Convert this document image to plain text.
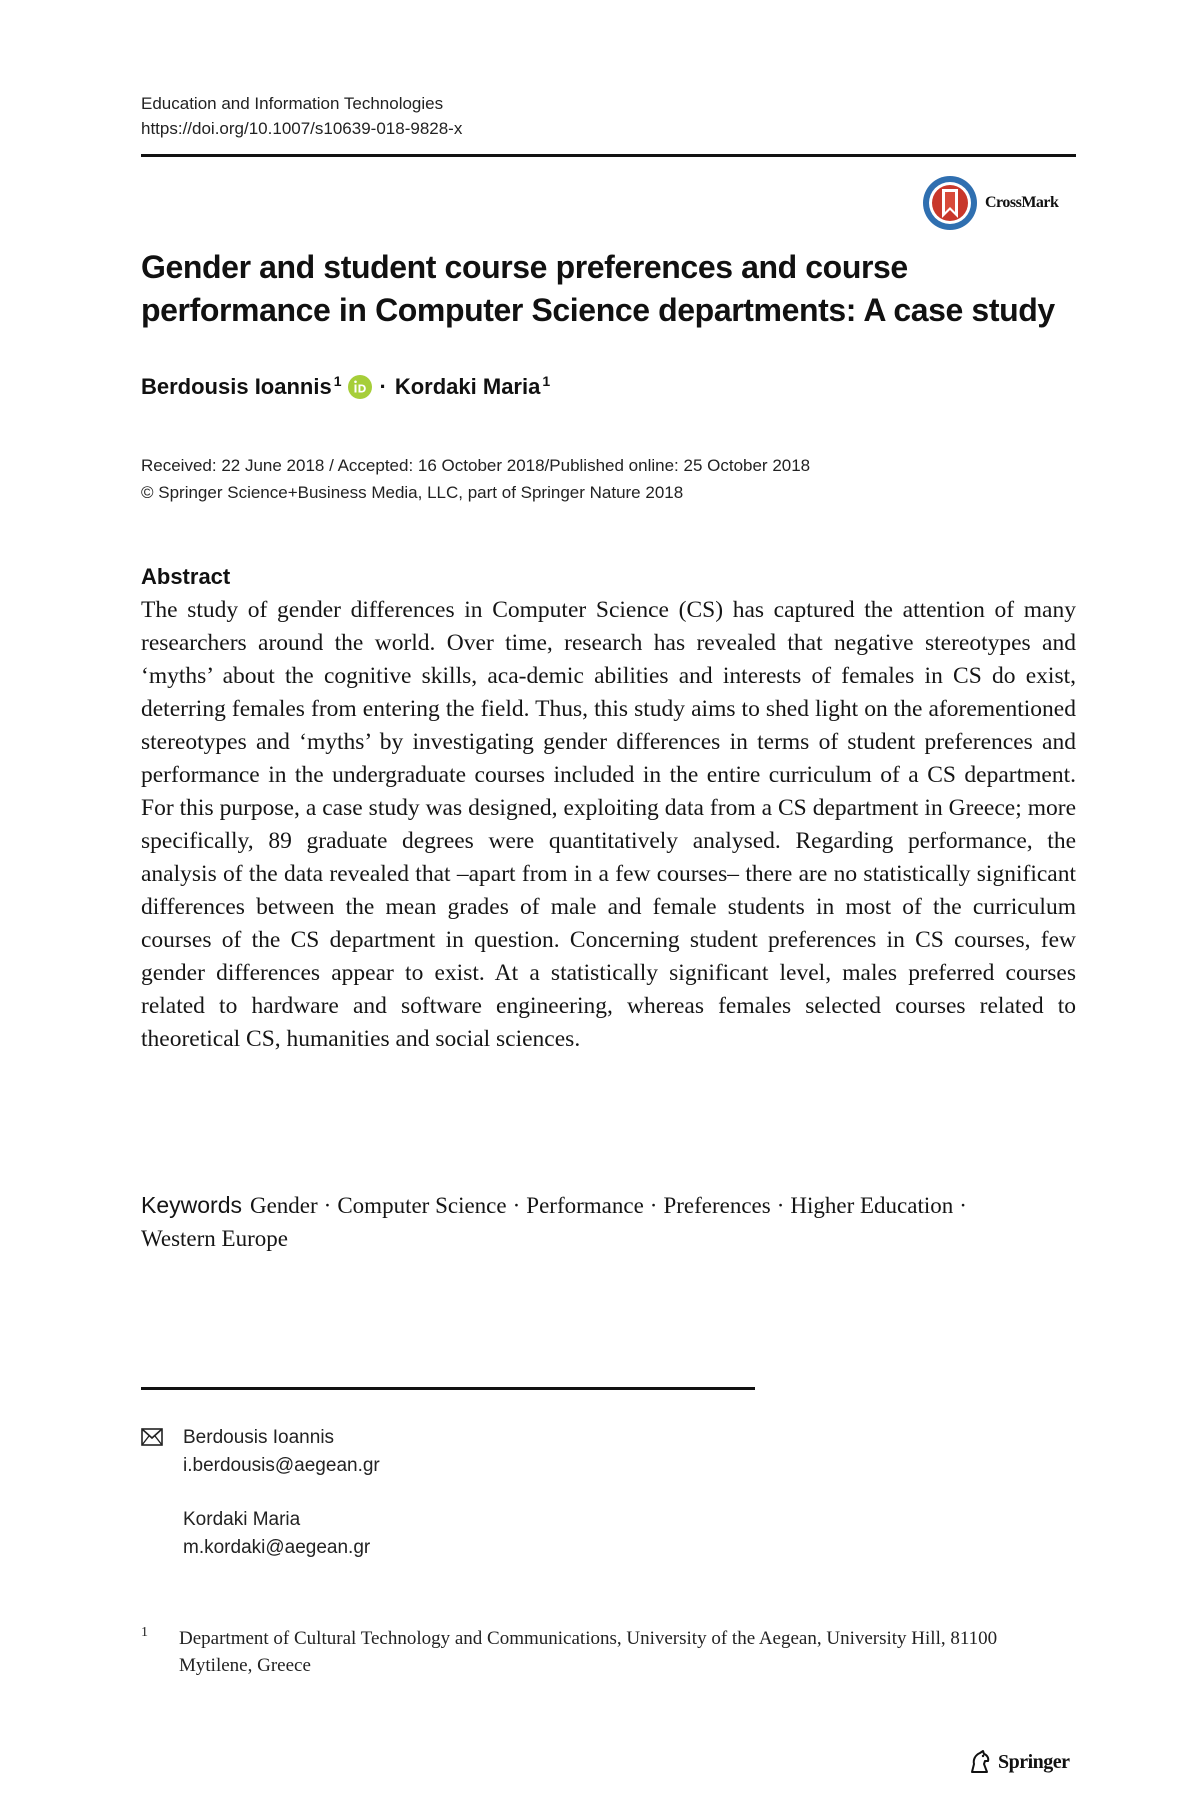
Education and Information Technologies
https://doi.org/10.1007/s10639-018-9828-x
CrossMark
Gender and student course preferences and course performance in Computer Science departments: A case study
Berdousis Ioannis$^1$ · Kordaki Maria$^1$
Received: 22 June 2018 / Accepted: 16 October 2018/Published online: 25 October 2018
© Springer Science+Business Media, LLC, part of Springer Nature 2018
Abstract
The study of gender differences in Computer Science (CS) has captured the attention of many researchers around the world. Over time, research has revealed that negative stereotypes and ‘myths’ about the cognitive skills, aca-demic abilities and interests of females in CS do exist, deterring females from entering the field. Thus, this study aims to shed light on the aforementioned stereotypes and ‘myths’ by investigating gender differences in terms of student preferences and performance in the undergraduate courses included in the entire curriculum of a CS department. For this purpose, a case study was designed, exploiting data from a CS department in Greece; more specifically, 89 graduate degrees were quantitatively analysed. Regarding performance, the analysis of the data revealed that –apart from in a few courses– there are no statistically significant differences between the mean grades of male and female students in most of the curriculum courses of the CS department in question. Concerning student preferences in CS courses, few gender differences appear to exist. At a statistically significant level, males preferred courses related to hardware and software engineering, whereas females selected courses related to theoretical CS, humanities and social sciences.
Keywords Gender · Computer Science · Performance · Preferences · Higher Education ·
Western Europe
Berdousis Ioannis
i.berdousis@aegean.gr
Kordaki Maria
m.kordaki@aegean.gr
1 Department of Cultural Technology and Communications, University of the Aegean, University Hill, 81100 Mytilene, Greece
Springer
